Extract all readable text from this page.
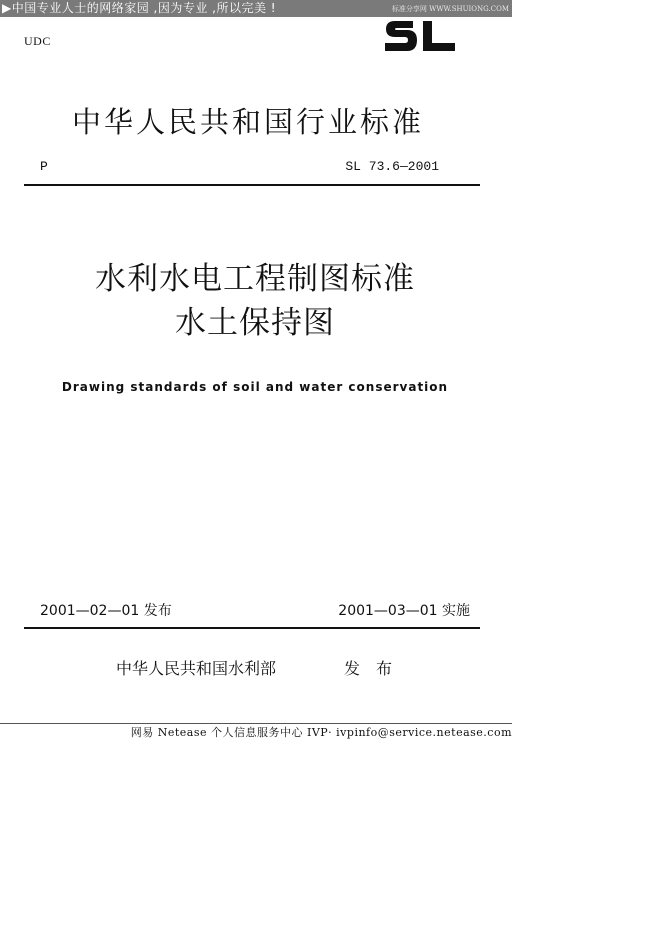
▶中国专业人士的网络家园 ,因为专业 ,所以完美 !	标准分享网 WWW.SHUIONG.COM
UDC
中华人民共和国行业标准
P	SL 73.6—2001
水利水电工程制图标准
水土保持图
Drawing standards of soil and water conservation
2001—02—01 发布	2001—03—01 实施
中华人民共和国水利部	发布
网易 Netease 个人信息服务中心 IVP· ivpinfo@service.netease.com
